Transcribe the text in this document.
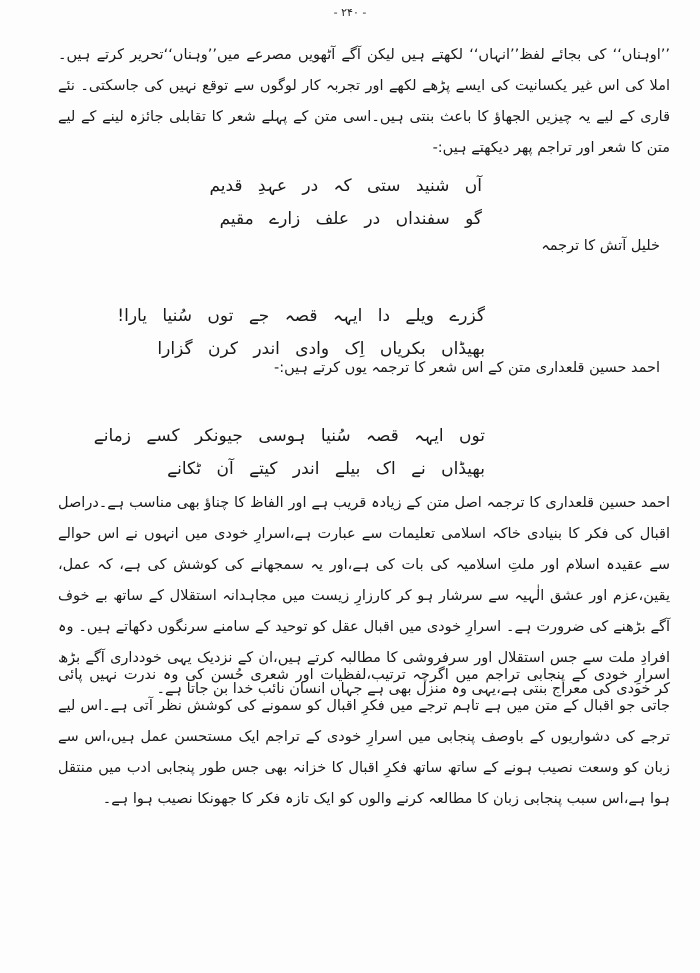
- ۲۴۰ -

’’اوہناں‘‘ کی بجائے لفظ’’انہاں‘‘ لکھتے ہیں لیکن آگے آٹھویں مصرعے میں’’وہناں‘‘تحریر کرتے ہیں۔املا کی اس غیر یکسانیت کی ایسے پڑھے لکھے اور تجربہ کار لوگوں سے توقع نہیں کی جاسکتی۔ نئے قاری کے لیے یہ چیزیں الجھاؤ کا باعث بنتی ہیں۔اسی متن کے پہلے شعر کا تقابلی جائزہ لینے کے لیے متن کا شعر اور تراجم پھر دیکھتے ہیں:-

آں شنید ستی کہ در عہدِ قدیم
گو سفنداں در علف زارے مقیم
خلیل آتش کا ترجمہ
گزرے ویلے دا ایہہ قصہ جے توں سُنیا یارا!
بھیڈاں بکریاں اِک وادی اندر کرن گزارا
احمد حسین قلعداری متن کے اس شعر کا ترجمہ یوں کرتے ہیں:-
توں ایہہ قصہ سُنیا ہوسی جیونکر کسے زمانے
بھیڈاں نے اک بیلے اندر کیتے آن ٹکانے

احمد حسین قلعداری کا ترجمہ اصل متن کے زیادہ قریب ہے اور الفاظ کا چناؤ بھی مناسب ہے۔دراصل اقبال کی فکر کا بنیادی خاکہ اسلامی تعلیمات سے عبارت ہے،اسرارِ خودی میں انہوں نے اس حوالے سے عقیدہ اسلام اور ملتِ اسلامیہ کی بات کی ہے،اور یہ سمجھانے کی کوشش کی ہے، کہ عمل، یقین،عزم اور عشق الٰہیہ سے سرشار ہو کر کارزارِ زیست میں مجاہدانہ استقلال کے ساتھ بے خوف آگے بڑھنے کی ضرورت ہے۔ اسرارِ خودی میں اقبال عقل کو توحید کے سامنے سرنگوں دکھاتے ہیں۔ وہ افرادِ ملت سے جس استقلال اور سرفروشی کا مطالبہ کرتے ہیں،ان کے نزدیک یہی خودداری آگے بڑھ کر خودی کی معراج بنتی ہے،یہی وہ منزل بھی ہے جہاں انسان نائب خدا بن جاتا ہے۔

اسرارِ خودی کے پنجابی تراجم میں اگرچہ ترتیب،لفظیات اور شعری حُسن کی وہ ندرت نہیں پائی جاتی جو اقبال کے متن میں ہے تاہم ترجے میں فکرِ اقبال کو سمونے کی کوشش نظر آتی ہے۔اس لیے ترجے کی دشواریوں کے باوصف پنجابی میں اسرارِ خودی کے تراجم ایک مستحسن عمل ہیں،اس سے زبان کو وسعت نصیب ہونے کے ساتھ ساتھ فکرِ اقبال کا خزانہ بھی جس طور پنجابی ادب میں منتقل ہوا ہے،اس سبب پنجابی زبان کا مطالعہ کرنے والوں کو ایک تازہ فکر کا جھونکا نصیب ہوا ہے۔
